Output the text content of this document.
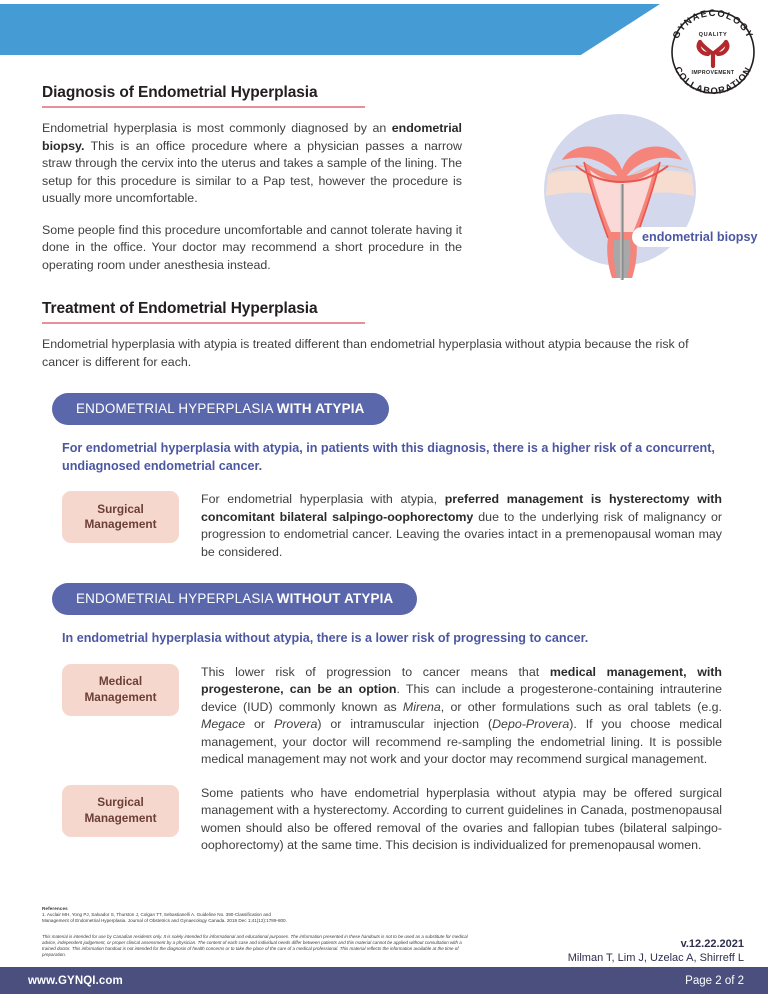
GYNAECOLOGY
COLLABORATION
QUALITY
IMPROVEMENT
Diagnosis of Endometrial Hyperplasia

Endometrial hyperplasia is most commonly diagnosed by an endometrial biopsy. This is an office procedure where a physician passes a narrow straw through the cervix into the uterus and takes a sample of the lining. The setup for this procedure is similar to a Pap test, however the procedure is usually more uncomfortable.

Some people find this procedure uncomfortable and cannot tolerate having it done in the office. Your doctor may recommend a short procedure in the operating room under anesthesia instead.

endometrial biopsy
Treatment of Endometrial Hyperplasia

Endometrial hyperplasia with atypia is treated different than endometrial hyperplasia without atypia because the risk of cancer is different for each.

ENDOMETRIAL HYPERPLASIA WITH ATYPIA
For endometrial hyperplasia with atypia, in patients with this diagnosis, there is a higher risk of a concurrent, undiagnosed endometrial cancer.
Surgical
Management
For endometrial hyperplasia with atypia, preferred management is hysterectomy with concomitant bilateral salpingo-oophorectomy due to the underlying risk of malignancy or progression to endometrial cancer. Leaving the ovaries intact in a premenopausal woman may be considered.
ENDOMETRIAL HYPERPLASIA WITHOUT ATYPIA
In endometrial hyperplasia without atypia, there is a lower risk of progressing to cancer.
Medical
Management
This lower risk of progression to cancer means that medical management, with progesterone, can be an option. This can include a progesterone-containing intrauterine device (IUD) commonly known as Mirena, or other formulations such as oral tablets (e.g. Megace or Provera) or intramuscular injection (Depo-Provera). If you choose medical management, your doctor will recommend re-sampling the endometrial lining. It is possible medical management may not work and your doctor may recommend surgical management.
Surgical
Management
Some patients who have endometrial hyperplasia without atypia may be offered surgical management with a hysterectomy. According to current guidelines in Canada, postmenopausal women should also be offered removal of the ovaries and fallopian tubes (bilateral salpingo-oophorectomy) at the same time. This decision is individualized for premenopausal women.
References
1. Auclair MH, Yong PJ, Salvador S, Thurston J, Colgan TT, Sebastianelli A. Guideline No. 390-Classification and
Management of Endometrial Hyperplasia. Journal of Obstetrics and Gynaecology Canada. 2019 Dec 1;41(12):1789-800.
This material is intended for use by Canadian residents only. It is solely intended for informational and educational purposes. The information presented in these handouts is not to be used as a substitute for medical advice, independent judgement, or proper clinical assessment by a physician. The content of each case and individual needs differ between patients and this material cannot be applied without consultation with a trained doctor. This information handout is not intended for the diagnosis of health concerns or to take the place of the care of a medical professional. This material reflects the information available at the time of preparation.
v.12.22.2021
Milman T, Lim J, Uzelac A, Shirreff L
www.GYNQI.com	Page 2 of 2
